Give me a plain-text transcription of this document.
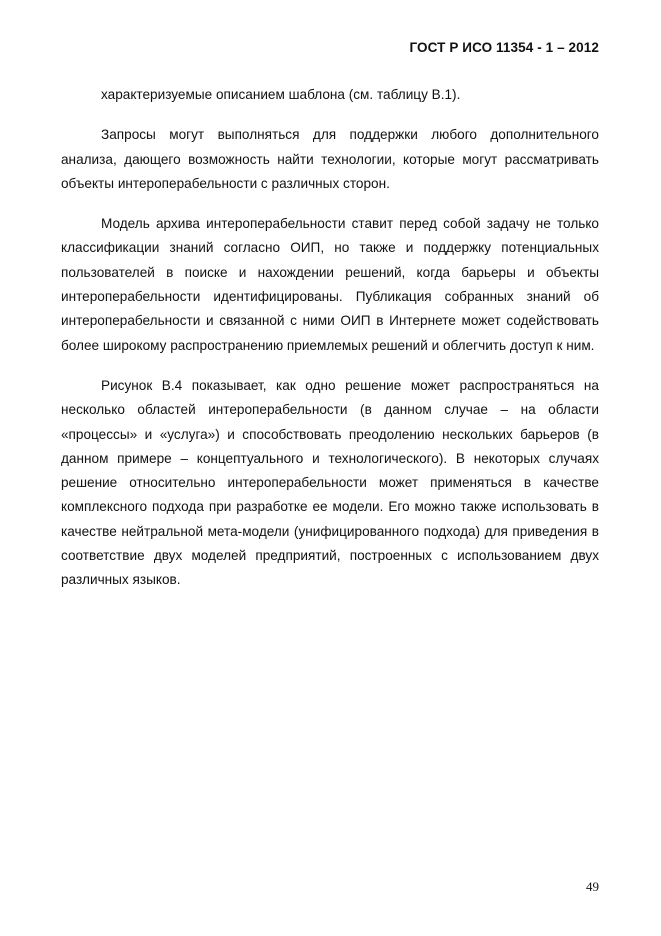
ГОСТ Р ИСО 11354 - 1 – 2012

характеризуемые описанием шаблона (см. таблицу В.1).

Запросы могут выполняться для поддержки любого дополнительного анализа, дающего возможность найти технологии, которые могут рассматривать объекты интероперабельности с различных сторон.

Модель архива интероперабельности ставит перед собой задачу не только классификации знаний согласно ОИП, но также и поддержку потенциальных пользователей в поиске и нахождении решений, когда барьеры и объекты интероперабельности идентифицированы. Публикация собранных знаний об интероперабельности и связанной с ними ОИП в Интернете может содействовать более широкому распространению приемлемых решений и облегчить доступ к ним.

Рисунок В.4 показывает, как одно решение может распространяться на несколько областей интероперабельности (в данном случае – на области «процессы» и «услуга») и способствовать преодолению нескольких барьеров (в данном примере – концептуального и технологического). В некоторых случаях решение относительно интероперабельности может применяться в качестве комплексного подхода при разработке ее модели. Его можно также использовать в качестве нейтральной мета-модели (унифицированного подхода) для приведения в соответствие двух моделей предприятий, построенных с использованием двух различных языков.

49
